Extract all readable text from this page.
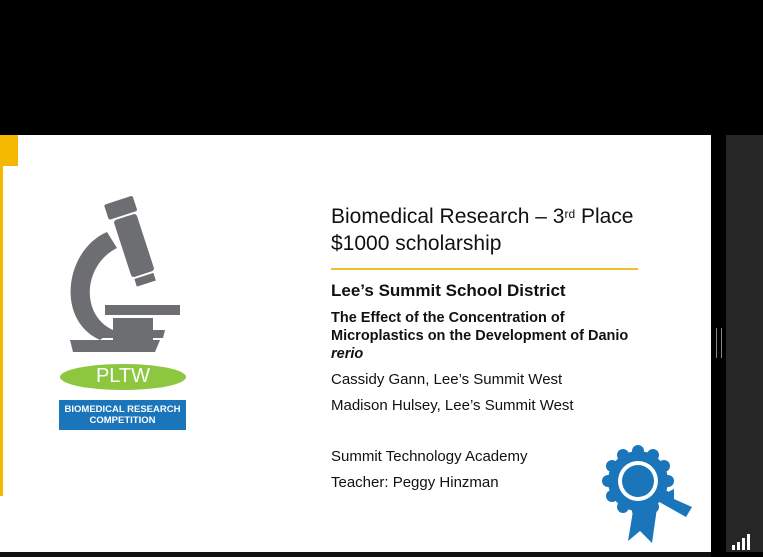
PLTW
BIOMEDICAL RESEARCH
COMPETITION
Biomedical Research – 3rd Place
$1000 scholarship
Lee’s Summit School District
The Effect of the Concentration of Microplastics on the Development of Danio rerio
Cassidy Gann, Lee’s Summit West
Madison Hulsey, Lee’s Summit West
Summit Technology Academy
Teacher: Peggy Hinzman
